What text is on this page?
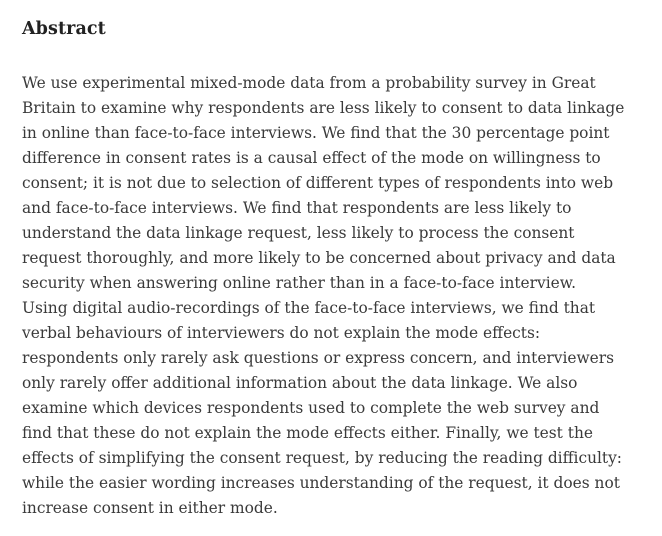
Abstract

We use experimental mixed-mode data from a probability survey in Great
Britain to examine why respondents are less likely to consent to data linkage
in online than face-to-face interviews. We find that the 30 percentage point
difference in consent rates is a causal effect of the mode on willingness to
consent; it is not due to selection of different types of respondents into web
and face-to-face interviews. We find that respondents are less likely to
understand the data linkage request, less likely to process the consent
request thoroughly, and more likely to be concerned about privacy and data
security when answering online rather than in a face-to-face interview.
Using digital audio-recordings of the face-to-face interviews, we find that
verbal behaviours of interviewers do not explain the mode effects:
respondents only rarely ask questions or express concern, and interviewers
only rarely offer additional information about the data linkage. We also
examine which devices respondents used to complete the web survey and
find that these do not explain the mode effects either. Finally, we test the
effects of simplifying the consent request, by reducing the reading difficulty:
while the easier wording increases understanding of the request, it does not
increase consent in either mode.
